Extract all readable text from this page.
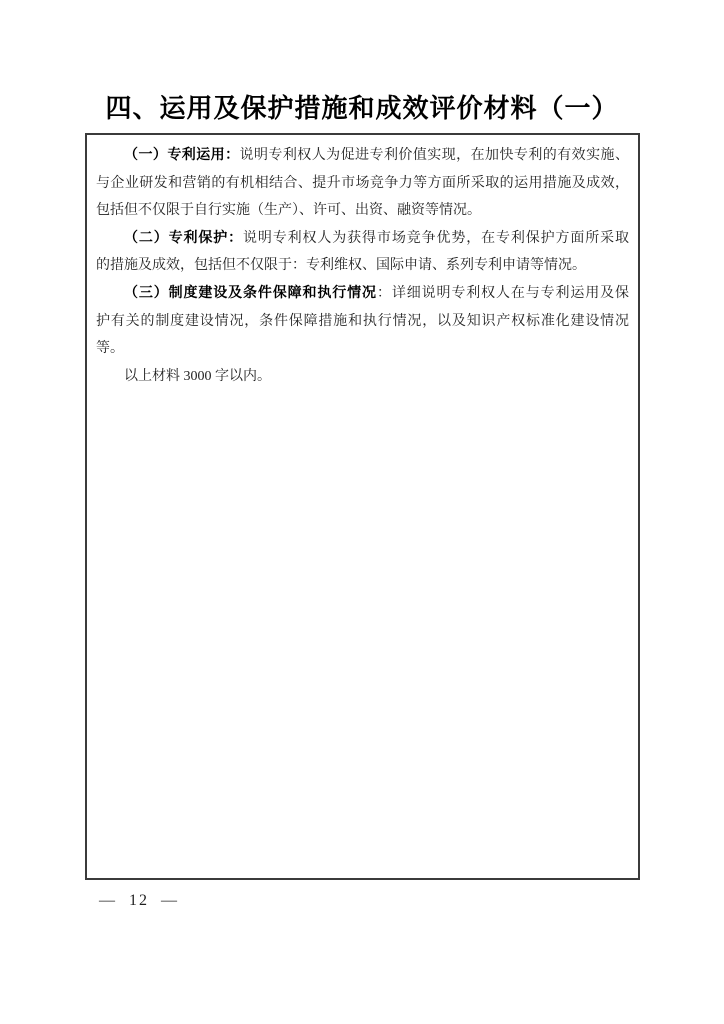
四、运用及保护措施和成效评价材料（一）
（一）专利运用：说明专利权人为促进专利价值实现，在加快专利的有效实施、
与企业研发和营销的有机相结合、提升市场竞争力等方面所采取的运用措施及成效，
包括但不仅限于自行实施（生产）、许可、出资、融资等情况。
（二）专利保护：说明专利权人为获得市场竞争优势，在专利保护方面所采取
的措施及成效，包括但不仅限于：专利维权、国际申请、系列专利申请等情况。
（三）制度建设及条件保障和执行情况：详细说明专利权人在与专利运用及保
护有关的制度建设情况，条件保障措施和执行情况，以及知识产权标准化建设情况
等。
以上材料 3000 字以内。
— 12 —
